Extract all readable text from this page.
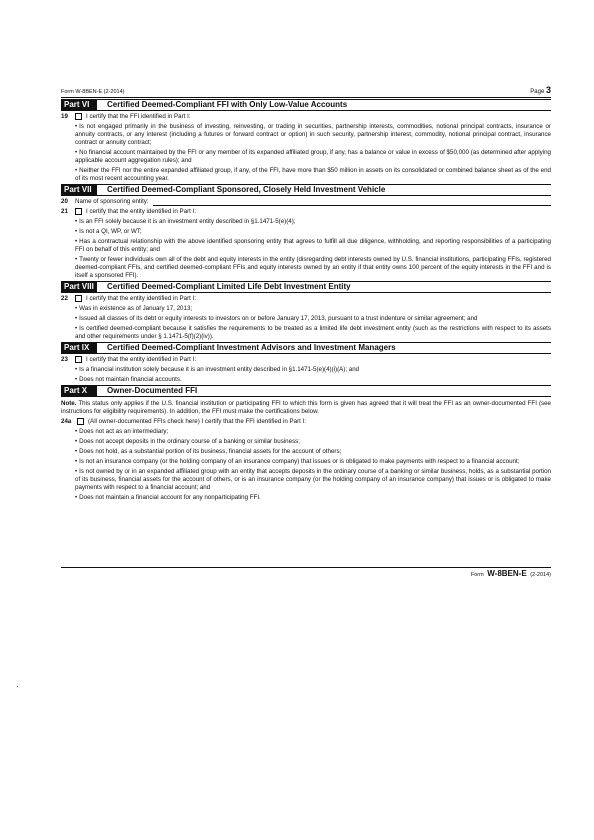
Form W-8BEN-E (2-2014)	Page 3
Part VI	Certified Deemed-Compliant FFI with Only Low-Value Accounts
19	I certify that the FFI identified in Part I:
• Is not engaged primarily in the business of investing, reinvesting, or trading in securities, partnership interests, commodities, notional principal contracts, insurance or annuity contracts, or any interest (including a futures or forward contract or option) in such security, partnership interest, commodity, notional principal contract, insurance contract or annuity contract;
• No financial account maintained by the FFI or any member of its expanded affiliated group, if any, has a balance or value in excess of $50,000 (as determined after applying applicable account aggregation rules); and
• Neither the FFI nor the entire expanded affiliated group, if any, of the FFI, have more than $50 million in assets on its consolidated or combined balance sheet as of the end of its most recent accounting year.
Part VII	Certified Deemed-Compliant Sponsored, Closely Held Investment Vehicle
20	Name of sponsoring entity:
21	I certify that the entity identified in Part I:
• Is an FFI solely because it is an investment entity described in §1.1471-5(e)(4);
• Is not a QI, WP, or WT;
• Has a contractual relationship with the above identified sponsoring entity that agrees to fulfill all due diligence, withholding, and reporting responsibilities of a participating FFI on behalf of this entity; and
• Twenty or fewer individuals own all of the debt and equity interests in the entity (disregarding debt interests owned by U.S. financial institutions, participating FFIs, registered deemed-compliant FFIs, and certified deemed-compliant FFIs and equity interests owned by an entity if that entity owns 100 percent of the equity interests in the FFI and is itself a sponsored FFI).
Part VIII	Certified Deemed-Compliant Limited Life Debt Investment Entity
22	I certify that the entity identified in Part I:
• Was in existence as of January 17, 2013;
• Issued all classes of its debt or equity interests to investors on or before January 17, 2013, pursuant to a trust indenture or similar agreement; and
• Is certified deemed-compliant because it satisfies the requirements to be treated as a limited life debt investment entity (such as the restrictions with respect to its assets and other requirements under § 1.1471-5(f)(2)(iv)).
Part IX	Certified Deemed-Compliant Investment Advisors and Investment Managers
23	I certify that the entity identified in Part I:
• Is a financial institution solely because it is an investment entity described in §1.1471-5(e)(4)(i)(A); and
• Does not maintain financial accounts.
Part X	Owner-Documented FFI
Note. This status only applies if the U.S. financial institution or participating FFI to which this form is given has agreed that it will treat the FFI as an owner-documented FFI (see instructions for eligibility requirements). In addition, the FFI must make the certifications below.
24a	(All owner-documented FFIs check here) I certify that the FFI identified in Part I:
• Does not act as an intermediary;
• Does not accept deposits in the ordinary course of a banking or similar business;
• Does not hold, as a substantial portion of its business, financial assets for the account of others;
• Is not an insurance company (or the holding company of an insurance company) that issues or is obligated to make payments with respect to a financial account;
• Is not owned by or in an expanded affiliated group with an entity that accepts deposits in the ordinary course of a banking or similar business, holds, as a substantial portion of its business, financial assets for the account of others, or is an insurance company (or the holding company of an insurance company) that issues or is obligated to make payments with respect to a financial account; and
• Does not maintain a financial account for any nonparticipating FFI.
Form W-8BEN-E (2-2014)
